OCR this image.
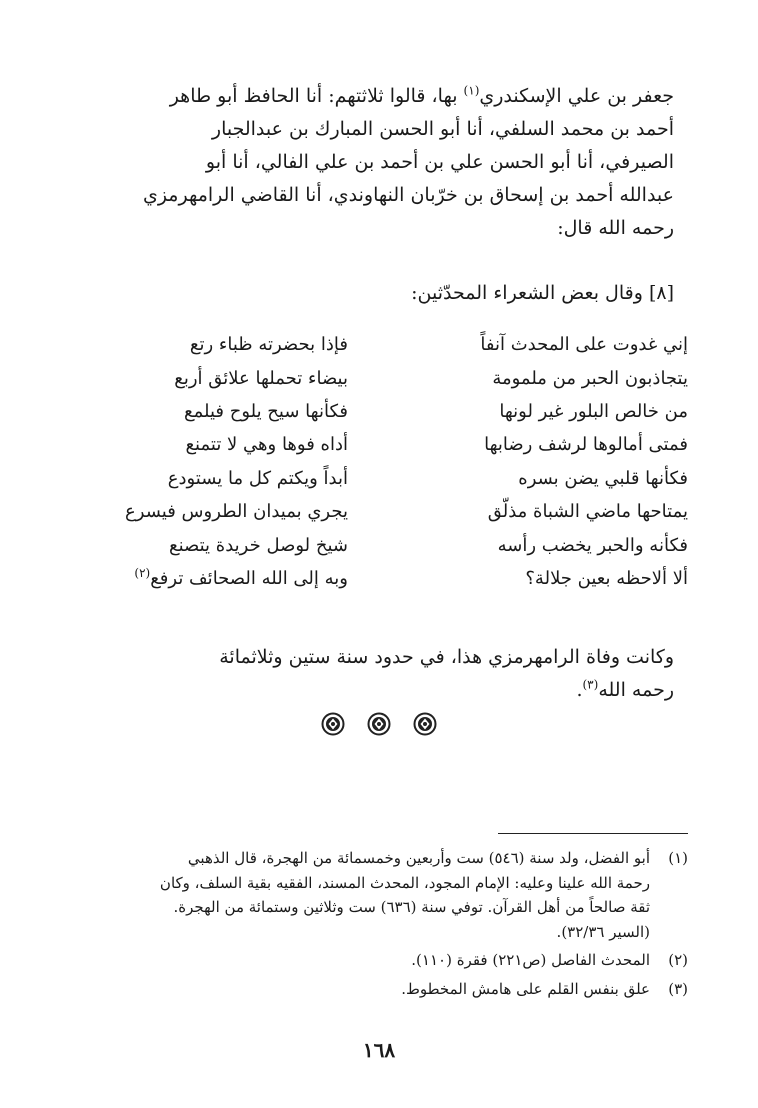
جعفر بن علي الإسكندري$^{(١)}$ بها، قالوا ثلاثتهم: أنا الحافظ أبو طاهر
أحمد بن محمد السلفي، أنا أبو الحسن المبارك بن عبدالجبار
الصيرفي، أنا أبو الحسن علي بن أحمد بن علي الفالي، أنا أبو
عبدالله أحمد بن إسحاق بن خرّبان النهاوندي، أنا القاضي الرامهرمزي
رحمه الله قال:
[٨] وقال بعض الشعراء المحدّثين:
إني غدوت على المحدث آنفاً
فإذا بحضرته ظباء رتع
يتجاذبون الحبر من ملمومة
بيضاء تحملها علائق أربع
من خالص البلور غير لونها
فكأنها سيح يلوح فيلمع
فمتى أمالوها لرشف رضابها
أداه فوها وهي لا تتمنع
فكأنها قلبي يضن بسره
أبداً ويكتم كل ما يستودع
يمتاحها ماضي الشباة مذلّق
يجري بميدان الطروس فيسرع
فكأنه والحبر يخضب رأسه
شيخ لوصل خريدة يتصنع
ألا ألاحظه بعين جلالة؟
وبه إلى الله الصحائف ترفع$^{(٢)}$
وكانت وفاة الرامهرمزي هذا، في حدود سنة ستين وثلاثمائة
رحمه الله$^{(٣)}$.
(١)
أبو الفضل، ولد سنة (٥٤٦) ست وأربعين وخمسمائة من الهجرة، قال الذهبي
رحمة الله علينا وعليه: الإمام المجود، المحدث المسند، الفقيه بقية السلف، وكان
ثقة صالحاً من أهل القرآن. توفي سنة (٦٣٦) ست وثلاثين وستمائة من الهجرة.
(السير ٣٢/٣٦).
(٢)
المحدث الفاصل (ص٢٢١) فقرة (١١٠).
(٣)
علق بنفس القلم على هامش المخطوط.
١٦٨
